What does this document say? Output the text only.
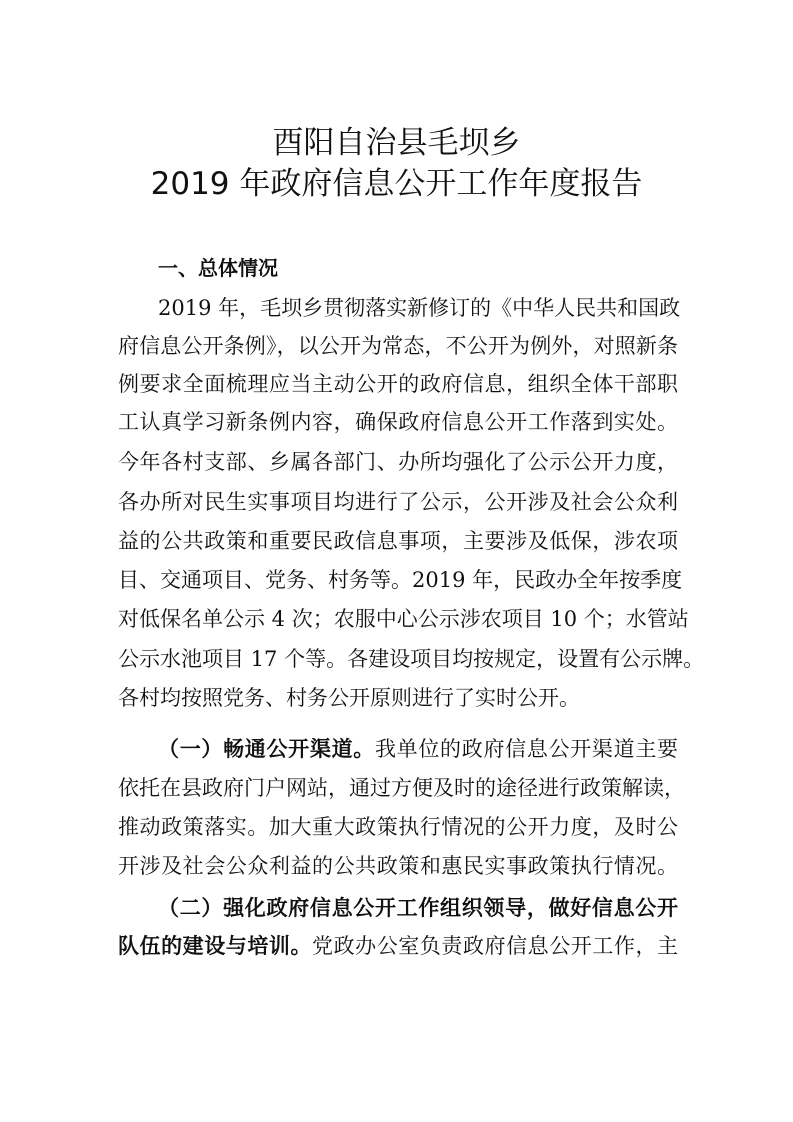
酉阳自治县毛坝乡
2019 年政府信息公开工作年度报告
一、总体情况
2019 年，毛坝乡贯彻落实新修订的《中华人民共和国政
府信息公开条例》，以公开为常态，不公开为例外，对照新条
例要求全面梳理应当主动公开的政府信息，组织全体干部职
工认真学习新条例内容，确保政府信息公开工作落到实处。
今年各村支部、乡属各部门、办所均强化了公示公开力度，
各办所对民生实事项目均进行了公示，公开涉及社会公众利
益的公共政策和重要民政信息事项，主要涉及低保，涉农项
目、交通项目、党务、村务等。2019 年，民政办全年按季度
对低保名单公示 4 次；农服中心公示涉农项目 10 个；水管站
公示水池项目 17 个等。各建设项目均按规定，设置有公示牌。
各村均按照党务、村务公开原则进行了实时公开。
（一）畅通公开渠道。我单位的政府信息公开渠道主要
依托在县政府门户网站，通过方便及时的途径进行政策解读，
推动政策落实。加大重大政策执行情况的公开力度，及时公
开涉及社会公众利益的公共政策和惠民实事政策执行情况。
（二）强化政府信息公开工作组织领导，做好信息公开
队伍的建设与培训。党政办公室负责政府信息公开工作，主
